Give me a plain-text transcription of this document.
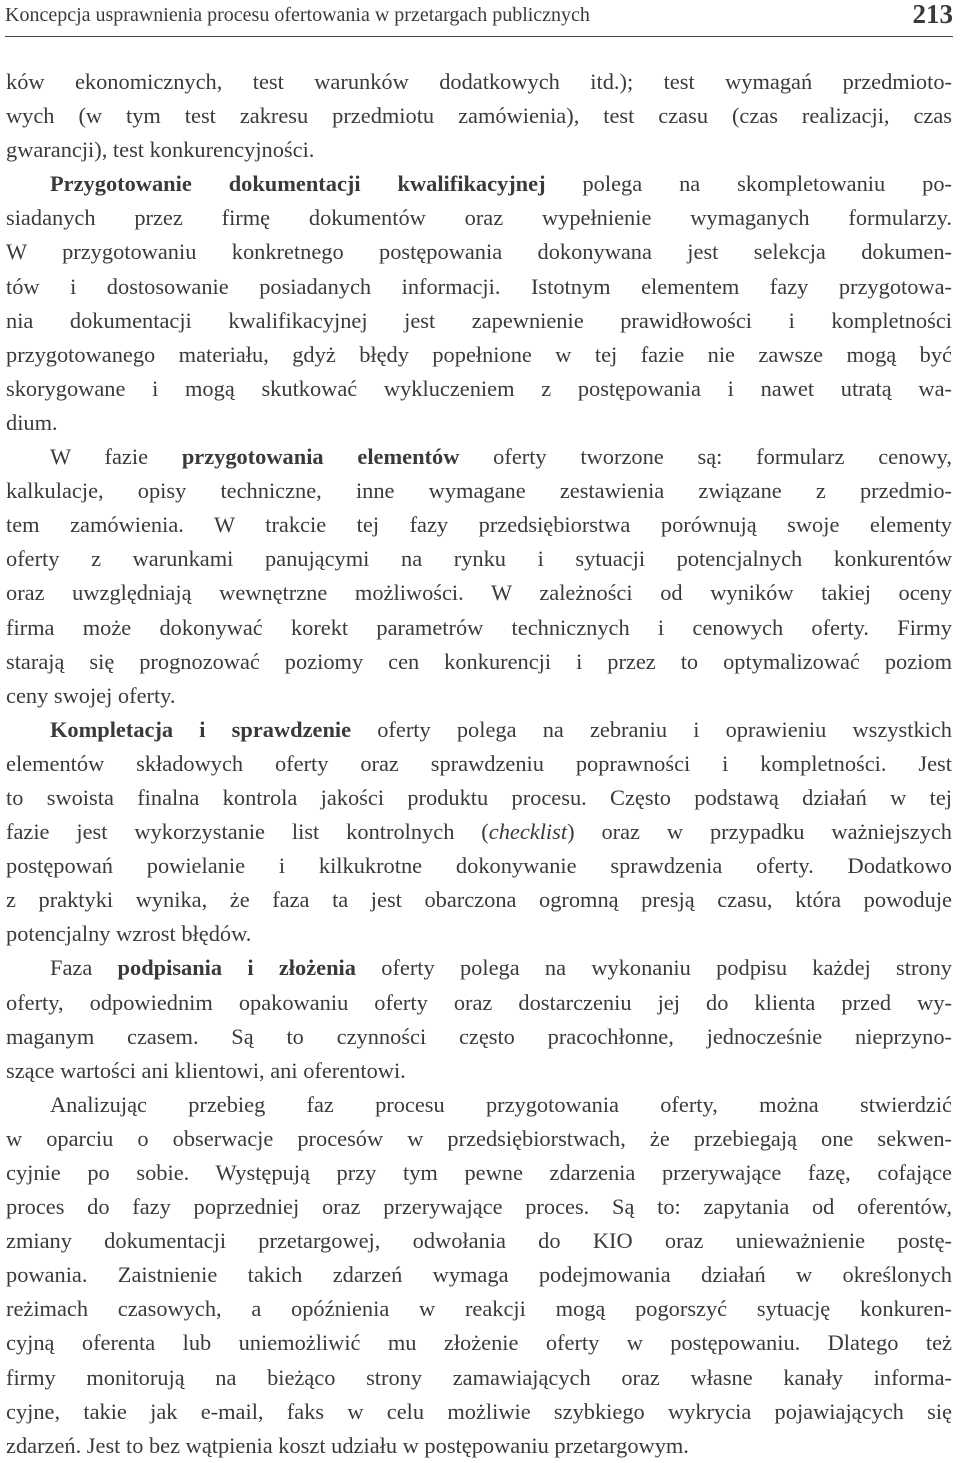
Koncepcja usprawnienia procesu ofertowania w przetargach publicznych	213
ków ekonomicznych, test warunków dodatkowych itd.); test wymagań przedmioto-
wych (w tym test zakresu przedmiotu zamówienia), test czasu (czas realizacji, czas
gwarancji), test konkurencyjności.
Przygotowanie dokumentacji kwalifikacyjnej polega na skompletowaniu po-
siadanych przez firmę dokumentów oraz wypełnienie wymaganych formularzy.
W przygotowaniu konkretnego postępowania dokonywana jest selekcja dokumen-
tów i dostosowanie posiadanych informacji. Istotnym elementem fazy przygotowa-
nia dokumentacji kwalifikacyjnej jest zapewnienie prawidłowości i kompletności
przygotowanego materiału, gdyż błędy popełnione w tej fazie nie zawsze mogą być
skorygowane i mogą skutkować wykluczeniem z postępowania i nawet utratą wa-
dium.
W fazie przygotowania elementów oferty tworzone są: formularz cenowy,
kalkulacje, opisy techniczne, inne wymagane zestawienia związane z przedmio-
tem zamówienia. W trakcie tej fazy przedsiębiorstwa porównują swoje elementy
oferty z warunkami panującymi na rynku i sytuacji potencjalnych konkurentów
oraz uwzględniają wewnętrzne możliwości. W zależności od wyników takiej oceny
firma może dokonywać korekt parametrów technicznych i cenowych oferty. Firmy
starają się prognozować poziomy cen konkurencji i przez to optymalizować poziom
ceny swojej oferty.
Kompletacja i sprawdzenie oferty polega na zebraniu i oprawieniu wszystkich
elementów składowych oferty oraz sprawdzeniu poprawności i kompletności. Jest
to swoista finalna kontrola jakości produktu procesu. Często podstawą działań w tej
fazie jest wykorzystanie list kontrolnych (checklist) oraz w przypadku ważniejszych
postępowań powielanie i kilkukrotne dokonywanie sprawdzenia oferty. Dodatkowo
z praktyki wynika, że faza ta jest obarczona ogromną presją czasu, która powoduje
potencjalny wzrost błędów.
Faza podpisania i złożenia oferty polega na wykonaniu podpisu każdej strony
oferty, odpowiednim opakowaniu oferty oraz dostarczeniu jej do klienta przed wy-
maganym czasem. Są to czynności często pracochłonne, jednocześnie nieprzyno-
szące wartości ani klientowi, ani oferentowi.
Analizując przebieg faz procesu przygotowania oferty, można stwierdzić
w oparciu o obserwacje procesów w przedsiębiorstwach, że przebiegają one sekwen-
cyjnie po sobie. Występują przy tym pewne zdarzenia przerywające fazę, cofające
proces do fazy poprzedniej oraz przerywające proces. Są to: zapytania od oferentów,
zmiany dokumentacji przetargowej, odwołania do KIO oraz unieważnienie postę-
powania. Zaistnienie takich zdarzeń wymaga podejmowania działań w określonych
reżimach czasowych, a opóźnienia w reakcji mogą pogorszyć sytuację konkuren-
cyjną oferenta lub uniemożliwić mu złożenie oferty w postępowaniu. Dlatego też
firmy monitorują na bieżąco strony zamawiających oraz własne kanały informa-
cyjne, takie jak e-mail, faks w celu możliwie szybkiego wykrycia pojawiających się
zdarzeń. Jest to bez wątpienia koszt udziału w postępowaniu przetargowym.
